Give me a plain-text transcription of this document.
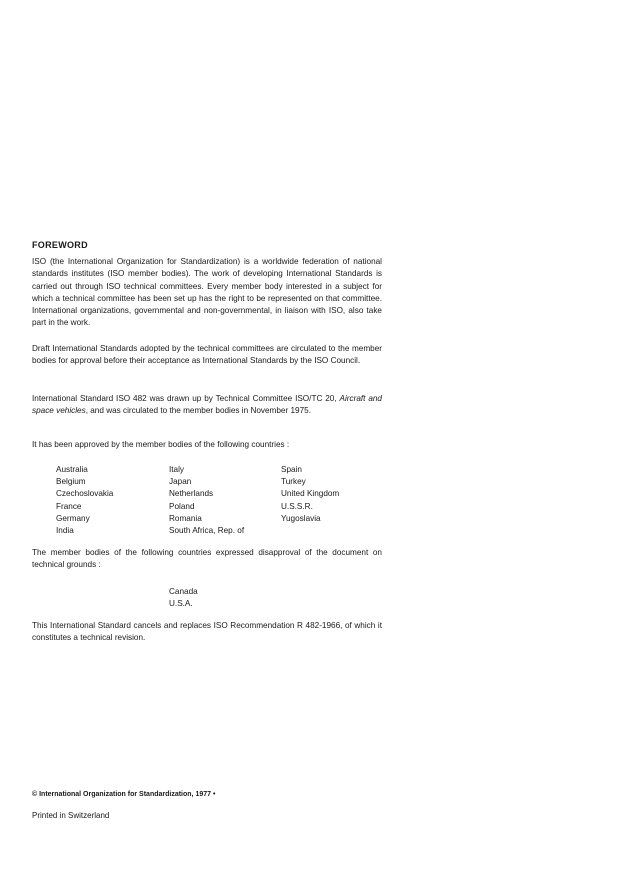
FOREWORD

ISO (the International Organization for Standardization) is a worldwide federation of national standards institutes (ISO member bodies). The work of developing International Standards is carried out through ISO technical committees. Every member body interested in a subject for which a technical committee has been set up has the right to be represented on that committee. International organizations, governmental and non-governmental, in liaison with ISO, also take part in the work.

Draft International Standards adopted by the technical committees are circulated to the member bodies for approval before their acceptance as International Standards by the ISO Council.

International Standard ISO 482 was drawn up by Technical Committee ISO/TC 20, Aircraft and space vehicles, and was circulated to the member bodies in November 1975.

It has been approved by the member bodies of the following countries :

Australia
Belgium
Czechoslovakia
France
Germany
India
Italy
Japan
Netherlands
Poland
Romania
South Africa, Rep. of
Spain
Turkey
United Kingdom
U.S.S.R.
Yugoslavia

The member bodies of the following countries expressed disapproval of the document on technical grounds :

Canada
U.S.A.

This International Standard cancels and replaces ISO Recommendation R 482-1966, of which it constitutes a technical revision.

© International Organization for Standardization, 1977 •
Printed in Switzerland
